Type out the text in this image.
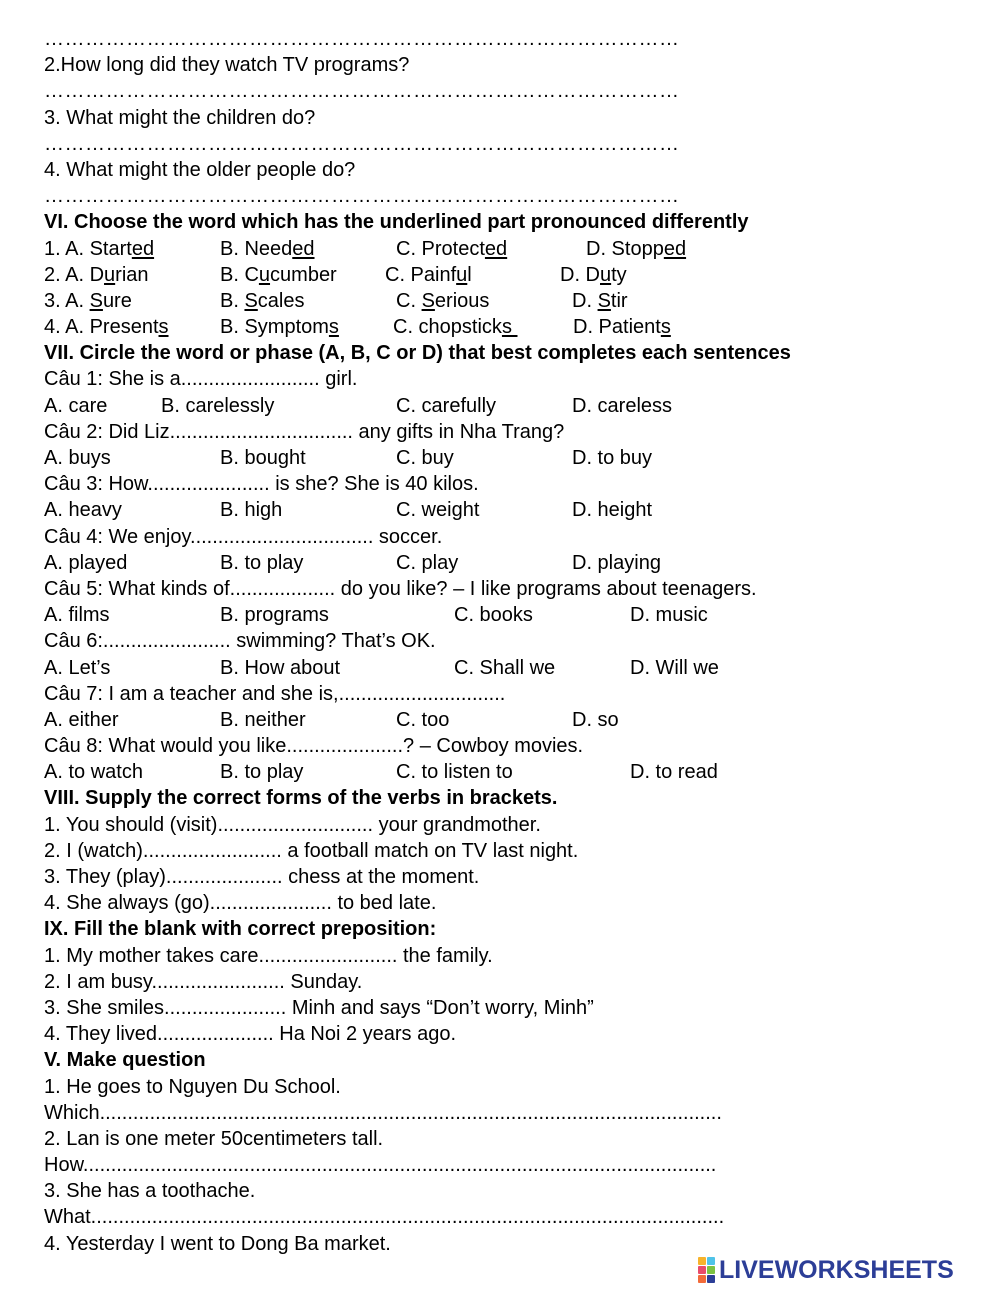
…………………………………………………………………………………
2.How long did they watch TV programs?
…………………………………………………………………………………
3. What might the children do?
…………………………………………………………………………………
4. What might the older people do?
…………………………………………………………………………………
VI. Choose the word which has the underlined part pronounced differently
1. A. Started	B. Needed	C. Protected	D. Stopped
2. A. Durian	B. Cucumber C. Painful	D. Duty
3. A. Sure	B. Scales	C. Serious	D. Stir
4. A. Presents	B. Symptoms	C. chopsticks	D. Patients
VII. Circle the word or phase (A, B, C or D) that best completes each sentences
Câu 1: She is a......................... girl.
A. care	B. carelessly	C. carefully	D. careless
Câu 2: Did Liz................................. any gifts in Nha Trang?
A. buys	B. bought	C. buy	D. to buy
Câu 3: How...................... is she? She is 40 kilos.
A. heavy	B. high	C. weight	D. height
Câu 4: We enjoy................................. soccer.
A. played	B. to play	C. play	D. playing
Câu 5: What kinds of................... do you like? – I like programs about teenagers.
A. films	B. programs	C. books	D. music
Câu 6:....................... swimming? That’s OK.
A. Let’s	B. How about	C. Shall we	D. Will we
Câu 7: I am a teacher and she is,..............................
A. either	B. neither	C. too	D. so
Câu 8: What would you like.....................? – Cowboy movies.
A. to watch	B. to play	C. to listen to	D. to read
VIII. Supply the correct forms of the verbs in brackets.
1. You should (visit)............................ your grandmother.
2. I (watch)......................... a football match on TV last night.
3. They (play)..................... chess at the moment.
4. She always (go)...................... to bed late.
IX. Fill the blank with correct preposition:
1. My mother takes care......................... the family.
2. I am busy........................ Sunday.
3. She smiles...................... Minh and says “Don’t worry, Minh”
4. They lived..................... Ha Noi 2 years ago.
V. Make question
1. He goes to Nguyen Du School.
Which................................................................................................................
2. Lan is one meter 50centimeters tall.
How..................................................................................................................
3. She has a toothache.
What..................................................................................................................
4. Yesterday I went to Dong Ba market.
LIVEWORKSHEETS
